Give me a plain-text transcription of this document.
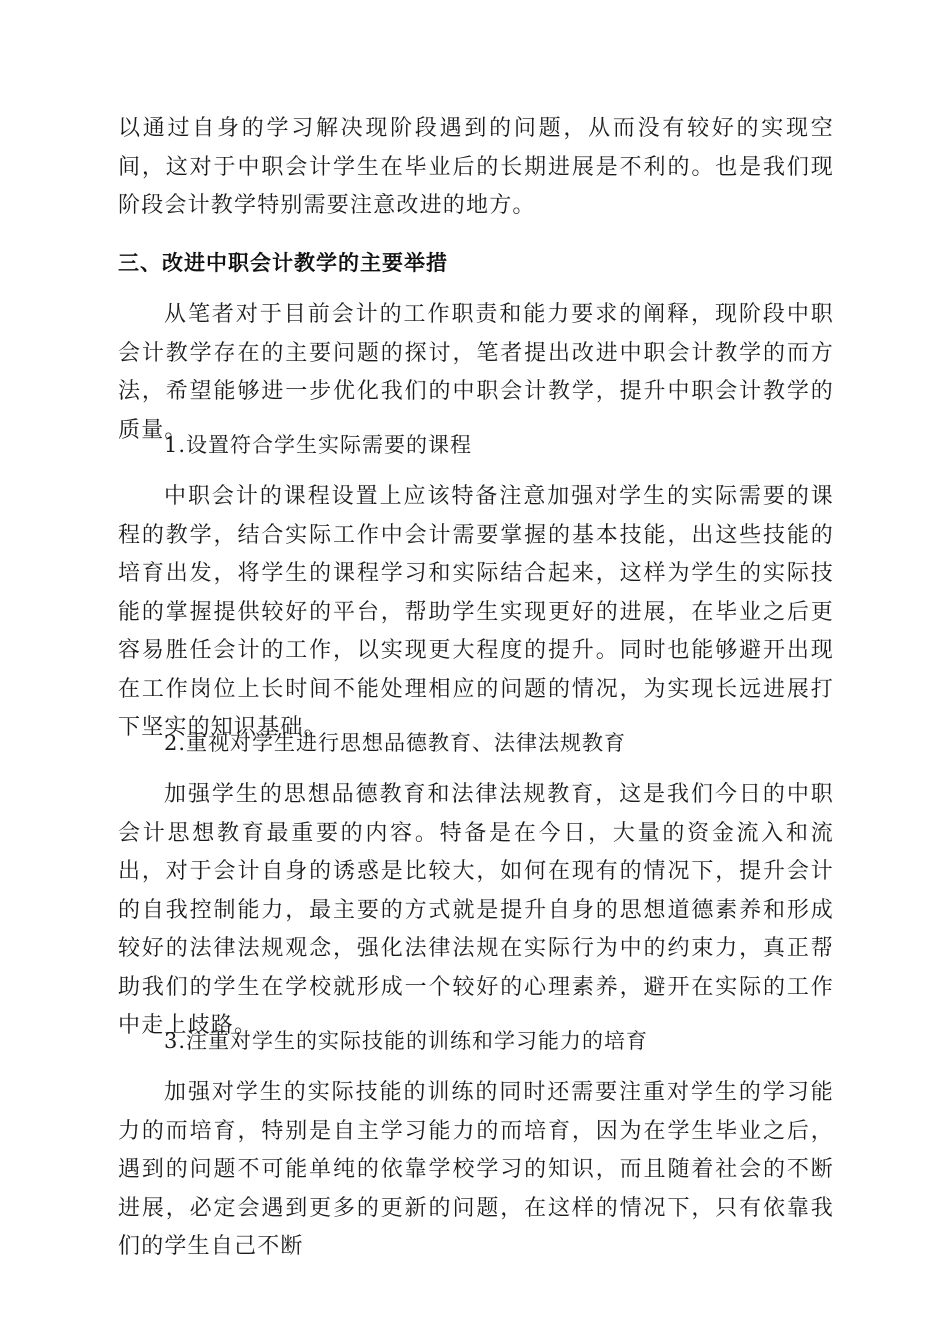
以通过自身的学习解决现阶段遇到的问题，从而没有较好的实现空间，这对于中职会计学生在毕业后的长期进展是不利的。也是我们现阶段会计教学特别需要注意改进的地方。
三、改进中职会计教学的主要举措
从笔者对于目前会计的工作职责和能力要求的阐释，现阶段中职会计教学存在的主要问题的探讨，笔者提出改进中职会计教学的而方法，希望能够进一步优化我们的中职会计教学，提升中职会计教学的质量。
1.设置符合学生实际需要的课程
中职会计的课程设置上应该特备注意加强对学生的实际需要的课程的教学，结合实际工作中会计需要掌握的基本技能，出这些技能的培育出发，将学生的课程学习和实际结合起来，这样为学生的实际技能的掌握提供较好的平台，帮助学生实现更好的进展，在毕业之后更容易胜任会计的工作，以实现更大程度的提升。同时也能够避开出现在工作岗位上长时间不能处理相应的问题的情况，为实现长远进展打下坚实的知识基础。
2.重视对学生进行思想品德教育、法律法规教育
加强学生的思想品德教育和法律法规教育，这是我们今日的中职会计思想教育最重要的内容。特备是在今日，大量的资金流入和流出，对于会计自身的诱惑是比较大，如何在现有的情况下，提升会计的自我控制能力，最主要的方式就是提升自身的思想道德素养和形成较好的法律法规观念，强化法律法规在实际行为中的约束力，真正帮助我们的学生在学校就形成一个较好的心理素养，避开在实际的工作中走上歧路。
3.注重对学生的实际技能的训练和学习能力的培育
加强对学生的实际技能的训练的同时还需要注重对学生的学习能力的而培育，特别是自主学习能力的而培育，因为在学生毕业之后，遇到的问题不可能单纯的依靠学校学习的知识，而且随着社会的不断进展，必定会遇到更多的更新的问题，在这样的情况下，只有依靠我们的学生自己不断
